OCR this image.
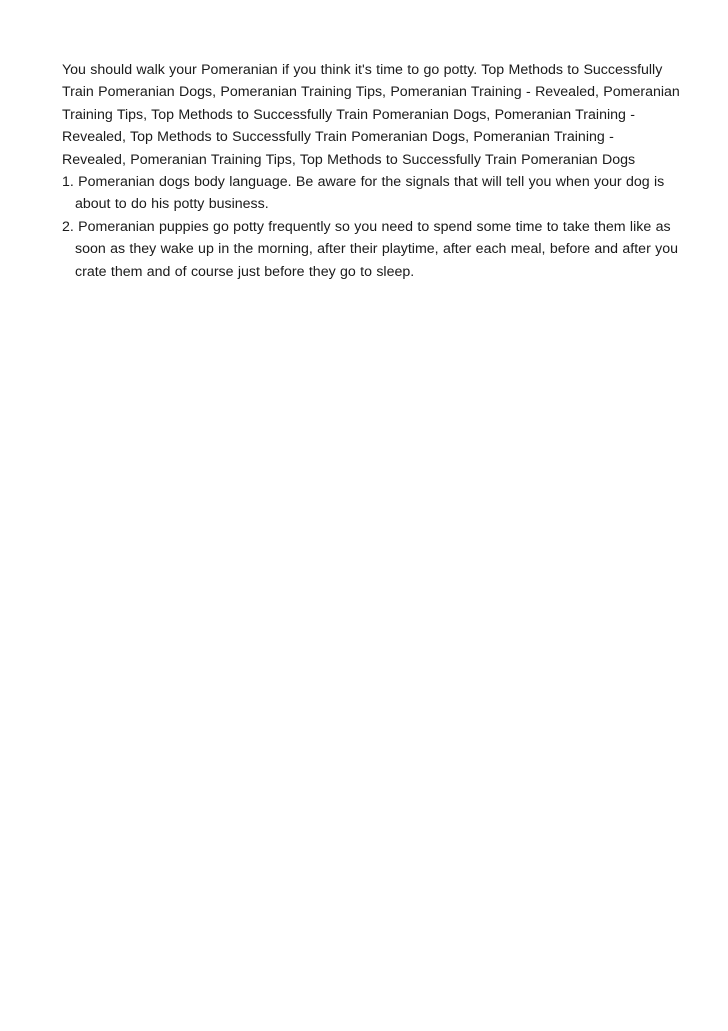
You should walk your Pomeranian if you think it's time to go potty. Top Methods to Successfully Train Pomeranian Dogs, Pomeranian Training Tips, Pomeranian Training - Revealed, Pomeranian Training Tips, Top Methods to Successfully Train Pomeranian Dogs, Pomeranian Training - Revealed, Top Methods to Successfully Train Pomeranian Dogs, Pomeranian Training - Revealed, Pomeranian Training Tips, Top Methods to Successfully Train Pomeranian Dogs

1. Pomeranian dogs body language. Be aware for the signals that will tell you when your dog is about to do his potty business.
2. Pomeranian puppies go potty frequently so you need to spend some time to take them like as soon as they wake up in the morning, after their playtime, after each meal, before and after you crate them and of course just before they go to sleep.
